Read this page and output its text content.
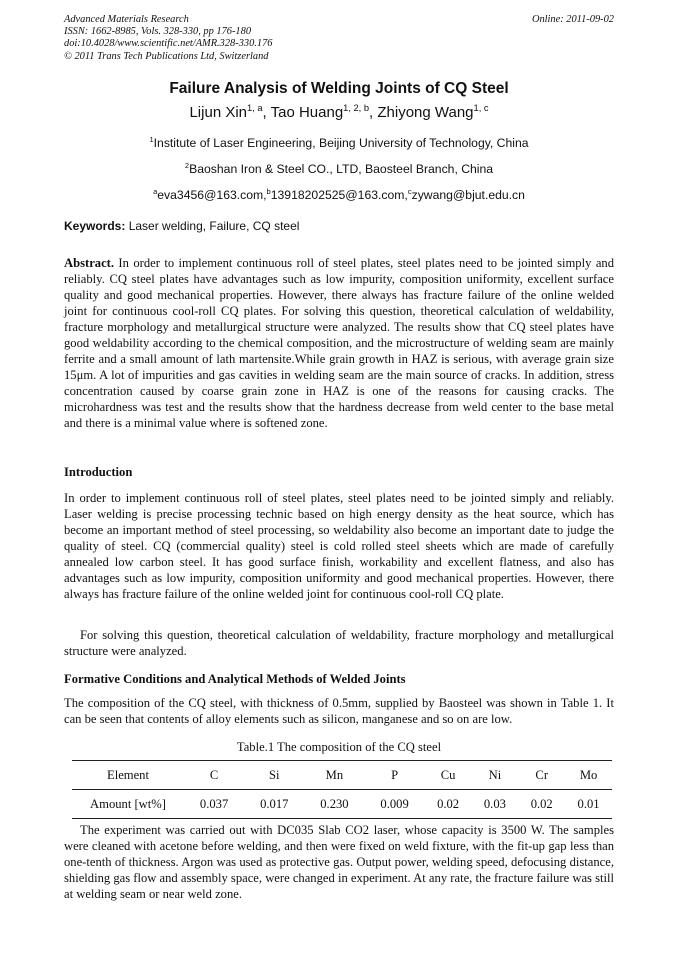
Advanced Materials Research
ISSN: 1662-8985, Vols. 328-330, pp 176-180
doi:10.4028/www.scientific.net/AMR.328-330.176
© 2011 Trans Tech Publications Ltd, Switzerland
Online: 2011-09-02
Failure Analysis of Welding Joints of CQ Steel
Lijun Xin$^{1, a}$, Tao Huang$^{1, 2, b}$, Zhiyong Wang$^{1, c}$
$^1$Institute of Laser Engineering, Beijing University of Technology, China
$^2$Baoshan Iron & Steel CO., LTD, Baosteel Branch, China
$^a$eva3456@163.com,$^b$13918202525@163.com,$^c$zywang@bjut.edu.cn
Keywords: Laser welding, Failure, CQ steel
Abstract. In order to implement continuous roll of steel plates, steel plates need to be jointed simply and reliably. CQ steel plates have advantages such as low impurity, composition uniformity, excellent surface quality and good mechanical properties. However, there always has fracture failure of the online welded joint for continuous cool-roll CQ plates. For solving this question, theoretical calculation of weldability, fracture morphology and metallurgical structure were analyzed. The results show that CQ steel plates have good weldability according to the chemical composition, and the microstructure of welding seam are mainly ferrite and a small amount of lath martensite.While grain growth in HAZ is serious, with average grain size 15μm. A lot of impurities and gas cavities in welding seam are the main source of cracks. In addition, stress concentration caused by coarse grain zone in HAZ is one of the reasons for causing cracks. The microhardness was test and the results show that the hardness decrease from weld center to the base metal and there is a minimal value where is softened zone.
Introduction
In order to implement continuous roll of steel plates, steel plates need to be jointed simply and reliably. Laser welding is precise processing technic based on high energy density as the heat source, which has become an important method of steel processing, so weldability also become an important date to judge the quality of steel. CQ (commercial quality) steel is cold rolled steel sheets which are made of carefully annealed low carbon steel. It has good surface finish, workability and excellent flatness, and also has advantages such as low impurity, composition uniformity and good mechanical properties. However, there always has fracture failure of the online welded joint for continuous cool-roll CQ plate.
For solving this question, theoretical calculation of weldability, fracture morphology and metallurgical structure were analyzed.
Formative Conditions and Analytical Methods of Welded Joints
The composition of the CQ steel, with thickness of 0.5mm, supplied by Baosteel was shown in Table 1. It can be seen that contents of alloy elements such as silicon, manganese and so on are low.
Table.1 The composition of the CQ steel
Element	C	Si	Mn	P	Cu	Ni	Cr	Mo
Amount [wt%]	0.037	0.017	0.230	0.009	0.02	0.03	0.02	0.01
The experiment was carried out with DC035 Slab CO2 laser, whose capacity is 3500 W. The samples were cleaned with acetone before welding, and then were fixed on weld fixture, with the fit-up gap less than one-tenth of thickness. Argon was used as protective gas. Output power, welding speed, defocusing distance, shielding gas flow and assembly space, were changed in experiment. At any rate, the fracture failure was still at welding seam or near weld zone.
